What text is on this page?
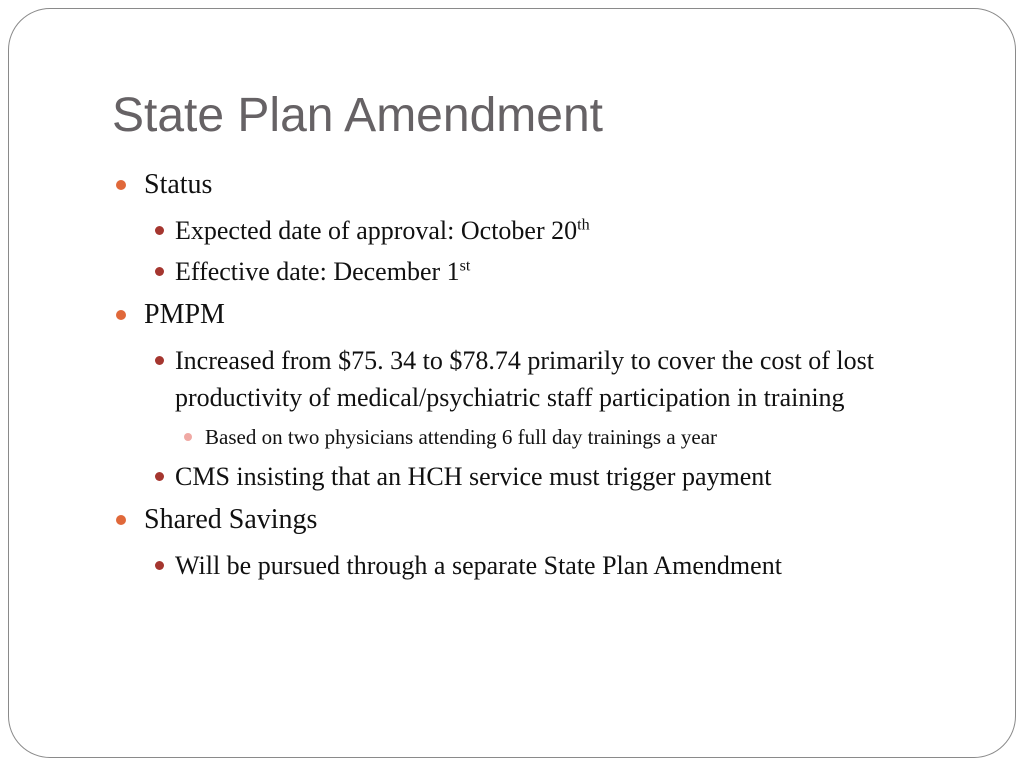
State Plan Amendment
Status
Expected date of approval: October 20th
Effective date: December 1st
PMPM
Increased from $75. 34 to $78.74 primarily to cover the cost of lost productivity of medical/psychiatric staff participation in training
Based on two physicians attending 6 full day trainings a year
CMS insisting that an HCH service must trigger payment
Shared Savings
Will be pursued through a separate State Plan Amendment
